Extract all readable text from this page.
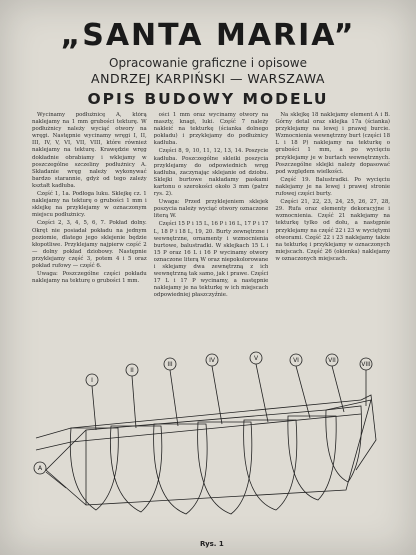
„SANTA MARIA”
Opracowanie graficzne i opisowe
ANDRZEJ KARPIŃSKI — WARSZAWA
OPIS BUDOWY MODELU

Wycinamy podłużnicę A, którą naklejamy na 1 mm grubości tekturę. W podłużnicy należy wyciąć otwory na wręgi. Następnie wycinamy wręgi I, II, III, IV, V, VI, VII, VIII, które również naklejamy na tekturę. Krawędzie wręg dokładnie obrabiamy i wklejamy w poszczególne szczeliny podłużnicy A. Składanie wręg należy wykonywać bardzo starannie, gdyż od tego zależy kształt kadłuba.

Część 1, 1a. Podłoga luku. Sklejkę cz. 1 naklejamy na tekturę o grubości 1 mm i sklejkę na przyklejamy w oznaczonym miejscu podłużnicy.

Części 2, 3, 4, 5, 6, 7. Pokład dolny. Okręt nie posiadał pokładu na jednym poziomie, dlatego jego sklejenie będzie kłopotliwe. Przyklejamy najpierw część 2 — dolny pokład dziobowy. Następnie przyklejamy część 3, potem 4 i 5 oraz pokład rufowy — część 6.

Uwaga: Poszczególne części pokładu naklejamy na tekturę o grubości 1 mm.

ości 1 mm oraz wycinamy otwory na maszty, knagi, luki. Część 7 należy nakleić na tekturkę (ścianka dolnego pokładu) i przyklejamy do podłużnicy kadłuba.

Części 8, 9, 10, 11, 12, 13, 14. Poszycie kadłuba. Poszczególne skleiki poszycia przyklejamy do odpowiednich wręg kadłuba, zaczynając sklejanie od dziobu. Sklejki burtowe nakładamy paskami kartonu o szerokości około 3 mm (patrz rys. 2).

Uwaga: Przed przyklejeniem sklejek poszycia należy wyciąć otwory oznaczone literą W.

Części 15 P i 15 L, 16 P i 16 L, 17 P i 17 L, 18 P i 18 L, 19, 20. Burty zewnętrzne i wewnętrzne, ornamenty i wzmocnienia burtowe, balustradki. W sklejkach 15 L i 15 P oraz 16 L i 16 P wycinamy otwory oznaczone literą W oraz niepokolorowane i sklejamy dwa zewnętrzną z ich wewnętrzną tak samo, jak i prawe. Części 17 L i 17 P wycinamy, a następnie naklejamy je na tekturkę w ich miejscach odpowiedniej płaszczyźnie.

Na sklejkę 18 naklejamy element A i B. Górny detal oraz sklejka 17a (ścianka) przyklejamy na lewej i prawej burcie. Wzmocnienia wewnętrzny burt (części 18 L i 18 P) naklejamy na tekturkę o grubości 1 mm, a po wycięciu przyklejamy je w burtach wewnętrznych. Poszczególne sklejki należy dopasować pod względem wielkości.

Część 19. Balustradki. Po wycięciu naklejamy je na lewej i prawej stronie rufowej części burty.

Części 21, 22, 23, 24, 25, 26, 27, 28, 29. Rufa oraz elementy dekoracyjne i wzmocnienia. Część 21 naklejamy na tekturkę tylko od dołu, a następnie przyklejamy na część 22 i 23 w wyciętymi otworami. Część 22 i 23 naklejamy także na tekturkę i przyklejamy w oznaczonych miejscach. Część 26 (okienka) naklejamy w oznaczonych miejscach.

A
I
II
III
IV	V	VI	VII
VIII
Rys. 1
